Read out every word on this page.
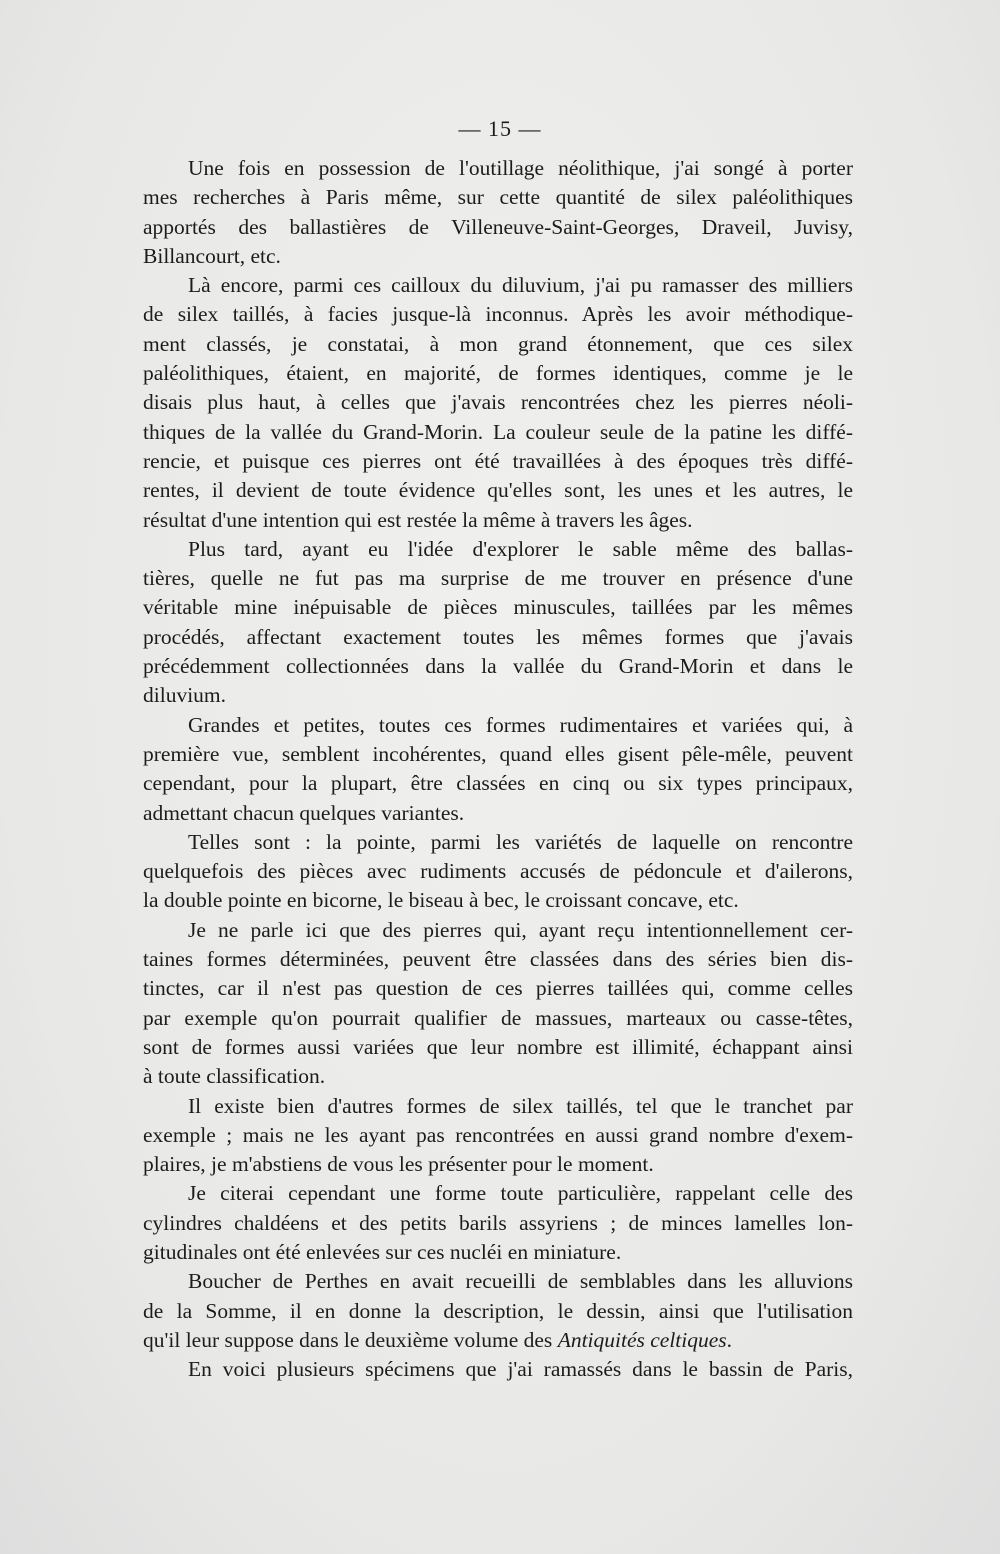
— 15 —
Une fois en possession de l'outillage néolithique, j'ai songé à porter
mes recherches à Paris même, sur cette quantité de silex paléolithiques
apportés des ballastières de Villeneuve-Saint-Georges, Draveil, Juvisy,
Billancourt, etc.
Là encore, parmi ces cailloux du diluvium, j'ai pu ramasser des milliers
de silex taillés, à facies jusque-là inconnus. Après les avoir méthodique-
ment classés, je constatai, à mon grand étonnement, que ces silex
paléolithiques, étaient, en majorité, de formes identiques, comme je le
disais plus haut, à celles que j'avais rencontrées chez les pierres néoli-
thiques de la vallée du Grand-Morin. La couleur seule de la patine les diffé-
rencie, et puisque ces pierres ont été travaillées à des époques très diffé-
rentes, il devient de toute évidence qu'elles sont, les unes et les autres, le
résultat d'une intention qui est restée la même à travers les âges.
Plus tard, ayant eu l'idée d'explorer le sable même des ballas-
tières, quelle ne fut pas ma surprise de me trouver en présence d'une
véritable mine inépuisable de pièces minuscules, taillées par les mêmes
procédés, affectant exactement toutes les mêmes formes que j'avais
précédemment collectionnées dans la vallée du Grand-Morin et dans le
diluvium.
Grandes et petites, toutes ces formes rudimentaires et variées qui, à
première vue, semblent incohérentes, quand elles gisent pêle-mêle, peuvent
cependant, pour la plupart, être classées en cinq ou six types principaux,
admettant chacun quelques variantes.
Telles sont : la pointe, parmi les variétés de laquelle on rencontre
quelquefois des pièces avec rudiments accusés de pédoncule et d'ailerons,
la double pointe en bicorne, le biseau à bec, le croissant concave, etc.
Je ne parle ici que des pierres qui, ayant reçu intentionnellement cer-
taines formes déterminées, peuvent être classées dans des séries bien dis-
tinctes, car il n'est pas question de ces pierres taillées qui, comme celles
par exemple qu'on pourrait qualifier de massues, marteaux ou casse-têtes,
sont de formes aussi variées que leur nombre est illimité, échappant ainsi
à toute classification.
Il existe bien d'autres formes de silex taillés, tel que le tranchet par
exemple ; mais ne les ayant pas rencontrées en aussi grand nombre d'exem-
plaires, je m'abstiens de vous les présenter pour le moment.
Je citerai cependant une forme toute particulière, rappelant celle des
cylindres chaldéens et des petits barils assyriens ; de minces lamelles lon-
gitudinales ont été enlevées sur ces nucléi en miniature.
Boucher de Perthes en avait recueilli de semblables dans les alluvions
de la Somme, il en donne la description, le dessin, ainsi que l'utilisation
qu'il leur suppose dans le deuxième volume des Antiquités celtiques.
En voici plusieurs spécimens que j'ai ramassés dans le bassin de Paris,
